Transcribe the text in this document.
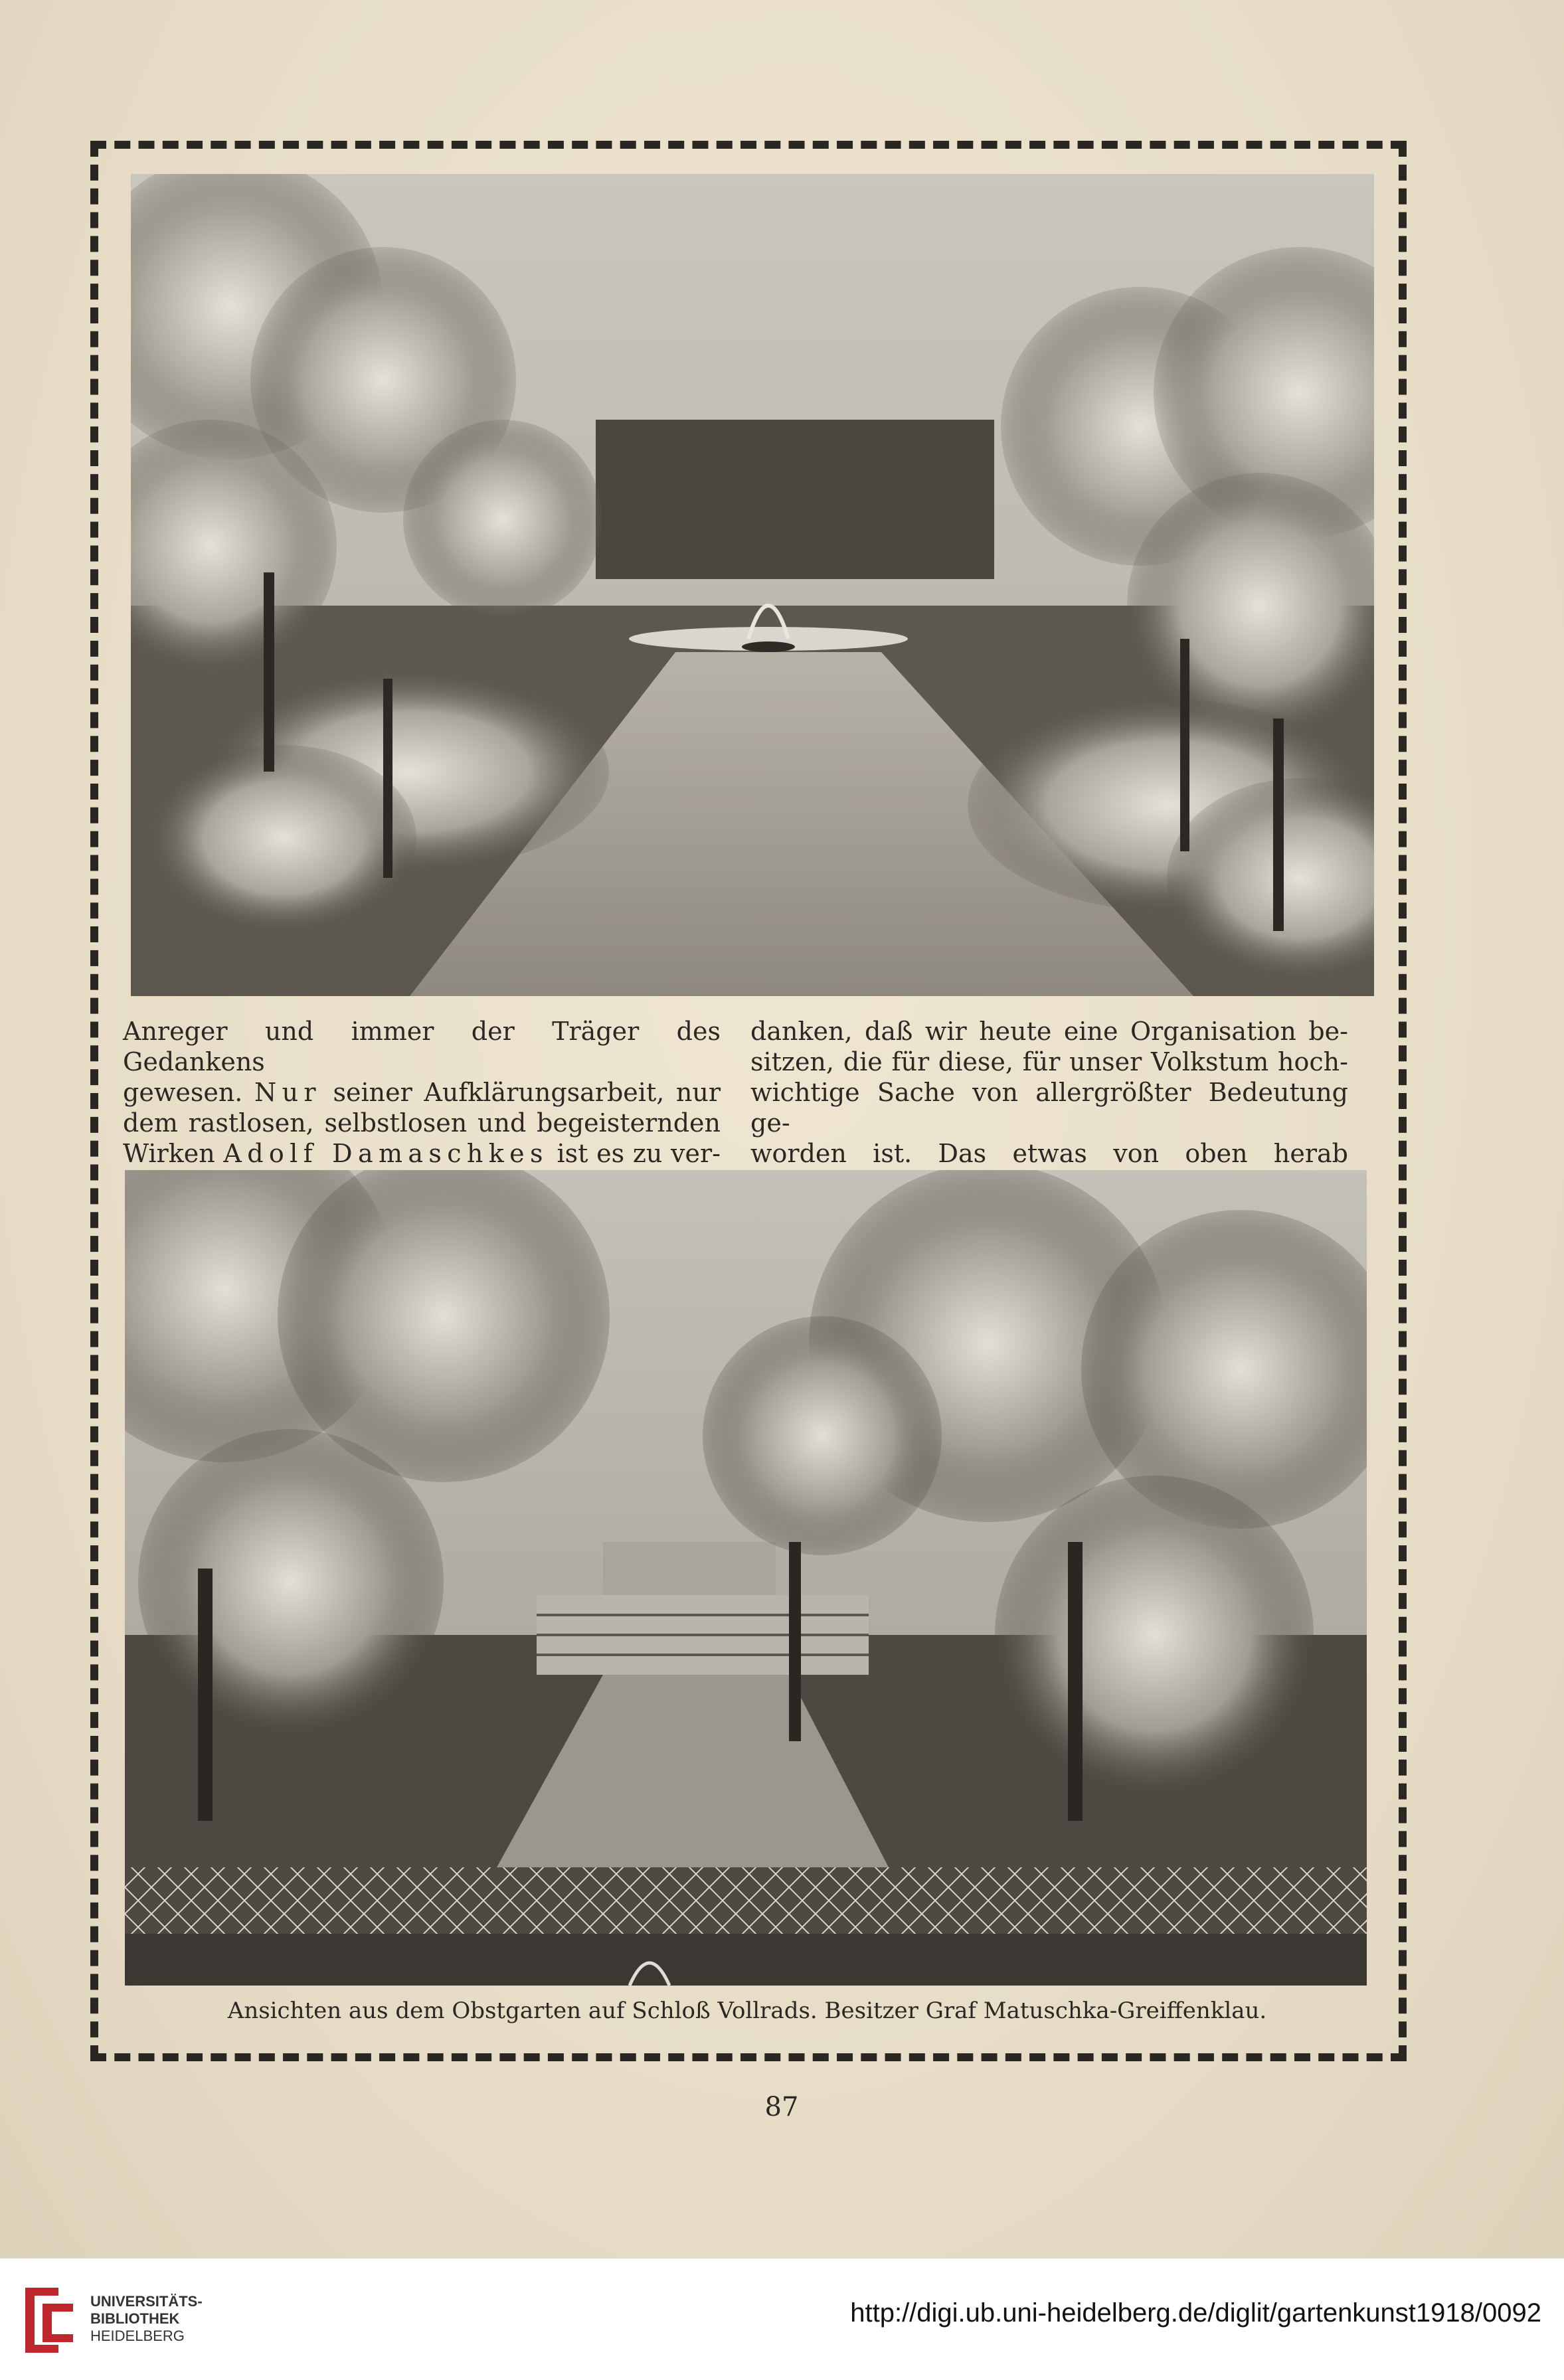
Anreger und immer der Träger des Gedankens

gewesen. Nur seiner Aufklärungsarbeit, nur

dem rastlosen, selbstlosen und begeisternden

Wirken Adolf Damaschkes ist es zu ver-

danken, daß wir heute eine Organisation be-

sitzen, die für diese, für unser Volkstum hoch-

wichtige Sache von allergrößter Bedeutung ge-

worden ist. Das etwas von oben herab

Ansichten aus dem Obstgarten auf Schloß Vollrads. Besitzer Graf Matuschka-Greiffenklau.
87
UNIVERSITÄTS-
BIBLIOTHEK
HEIDELBERG
http://digi.ub.uni-heidelberg.de/diglit/gartenkunst1918/0092
